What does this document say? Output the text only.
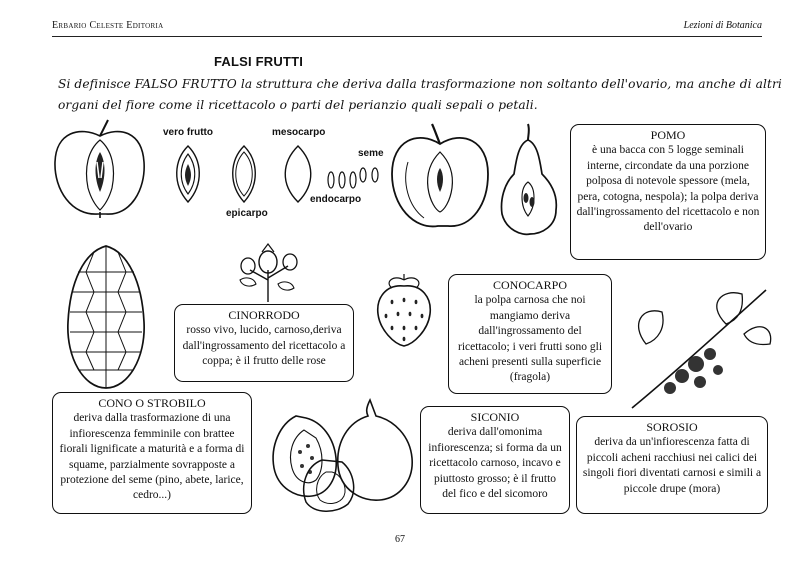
Erbario Celeste Editoria	Lezioni di Botanica
FALSI FRUTTI
Si definisce FALSO FRUTTO la struttura che deriva dalla trasformazione non soltanto dell'ovario, ma anche di altri organi del fiore come il ricettacolo o parti del perianzio quali sepali o petali.
vero frutto	mesocarpo
seme
epicarpo
endocarpo
POMO
è una bacca con 5 logge seminali interne, circondate da una porzione polposa di notevole spessore (mela, pera, cotogna, nespola); la polpa deriva dall'ingrossamento del ricettacolo e non dell'ovario
CINORRODO
rosso vivo, lucido, carnoso,deriva dall'ingrossamento del ricettacolo a coppa; è il frutto delle rose
CONOCARPO
la polpa carnosa che noi mangiamo deriva dall'ingrossamento del ricettacolo; i veri frutti sono gli acheni presenti sulla superficie (fragola)
CONO O STROBILO
deriva dalla trasformazione di una infiorescenza femminile con brattee fiorali lignificate a maturità e a forma di squame, parzialmente sovrapposte a protezione del seme (pino, abete, larice, cedro...)
SICONIO
deriva dall'omonima infiorescenza; si forma da un ricettacolo carnoso, incavo e piuttosto grosso; è il frutto del fico e del sicomoro
SOROSIO
deriva da un'infiorescenza fatta di piccoli acheni racchiusi nei calici dei singoli fiori diventati carnosi e simili a piccole drupe (mora)
67
